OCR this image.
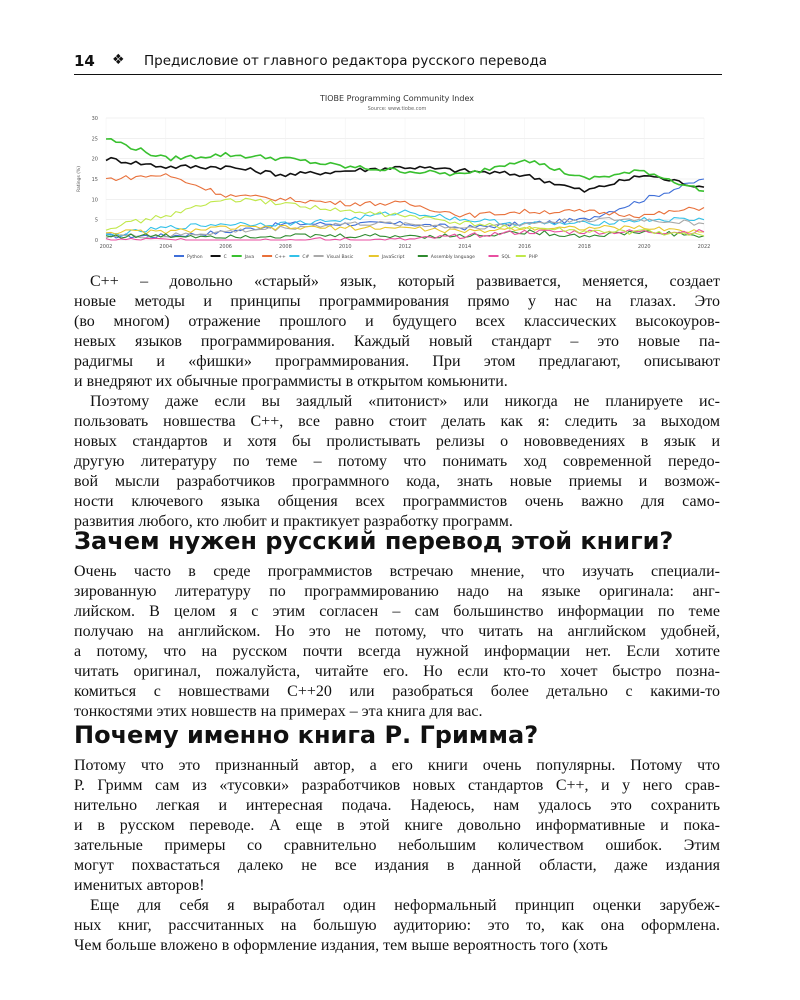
14 ❖ Предисловие от главного редактора русского перевода
TIOBE Programming Community Index
Source: www.tiobe.com
0
5
10
15
20
25
30
Ratings (%)
2002	2004	2006	2008	2010	2012	2014	2016	2018	2020	2022
Python	C	Java	C++	C#	Visual Basic	JavaScript	Assembly language	SQL	PHP

С++ – довольно «старый» язык, который развивается, меняется, создает
новые методы и принципы программирования прямо у нас на глазах. Это
(во многом) отражение прошлого и будущего всех классических высокоуров-
невых языков программирования. Каждый новый стандарт – это новые па-
радигмы и «фишки» программирования. При этом предлагают, описывают
и внедряют их обычные программисты в открытом комьюнити.

Поэтому даже если вы заядлый «питонист» или никогда не планируете ис-
пользовать новшества С++, все равно стоит делать как я: следить за выходом
новых стандартов и хотя бы пролистывать релизы о нововведениях в язык и
другую литературу по теме – потому что понимать ход современной передо-
вой мысли разработчиков программного кода, знать новые приемы и возмож-
ности ключевого языка общения всех программистов очень важно для само-
развития любого, кто любит и практикует разработку программ.

Зачем нужен русский перевод этой книги?

Очень часто в среде программистов встречаю мнение, что изучать специали-
зированную литературу по программированию надо на языке оригинала: анг-
лийском. В целом я с этим согласен – сам большинство информации по теме
получаю на английском. Но это не потому, что читать на английском удобней,
а потому, что на русском почти всегда нужной информации нет. Если хотите
читать оригинал, пожалуйста, читайте его. Но если кто-то хочет быстро позна-
комиться с новшествами С++20 или разобраться более детально с какими-то
тонкостями этих новшеств на примерах – эта книга для вас.

Почему именно книга Р. Гримма?

Потому что это признанный автор, а его книги очень популярны. Потому что
Р. Гримм сам из «тусовки» разработчиков новых стандартов С++, и у него срав-
нительно легкая и интересная подача. Надеюсь, нам удалось это сохранить
и в русском переводе. А еще в этой книге довольно информативные и пока-
зательные примеры со сравнительно небольшим количеством ошибок. Этим
могут похвастаться далеко не все издания в данной области, даже издания
именитых авторов!

Еще для себя я выработал один неформальный принцип оценки зарубеж-
ных книг, рассчитанных на большую аудиторию: это то, как она оформлена.
Чем больше вложено в оформление издания, тем выше вероятность того (хоть
